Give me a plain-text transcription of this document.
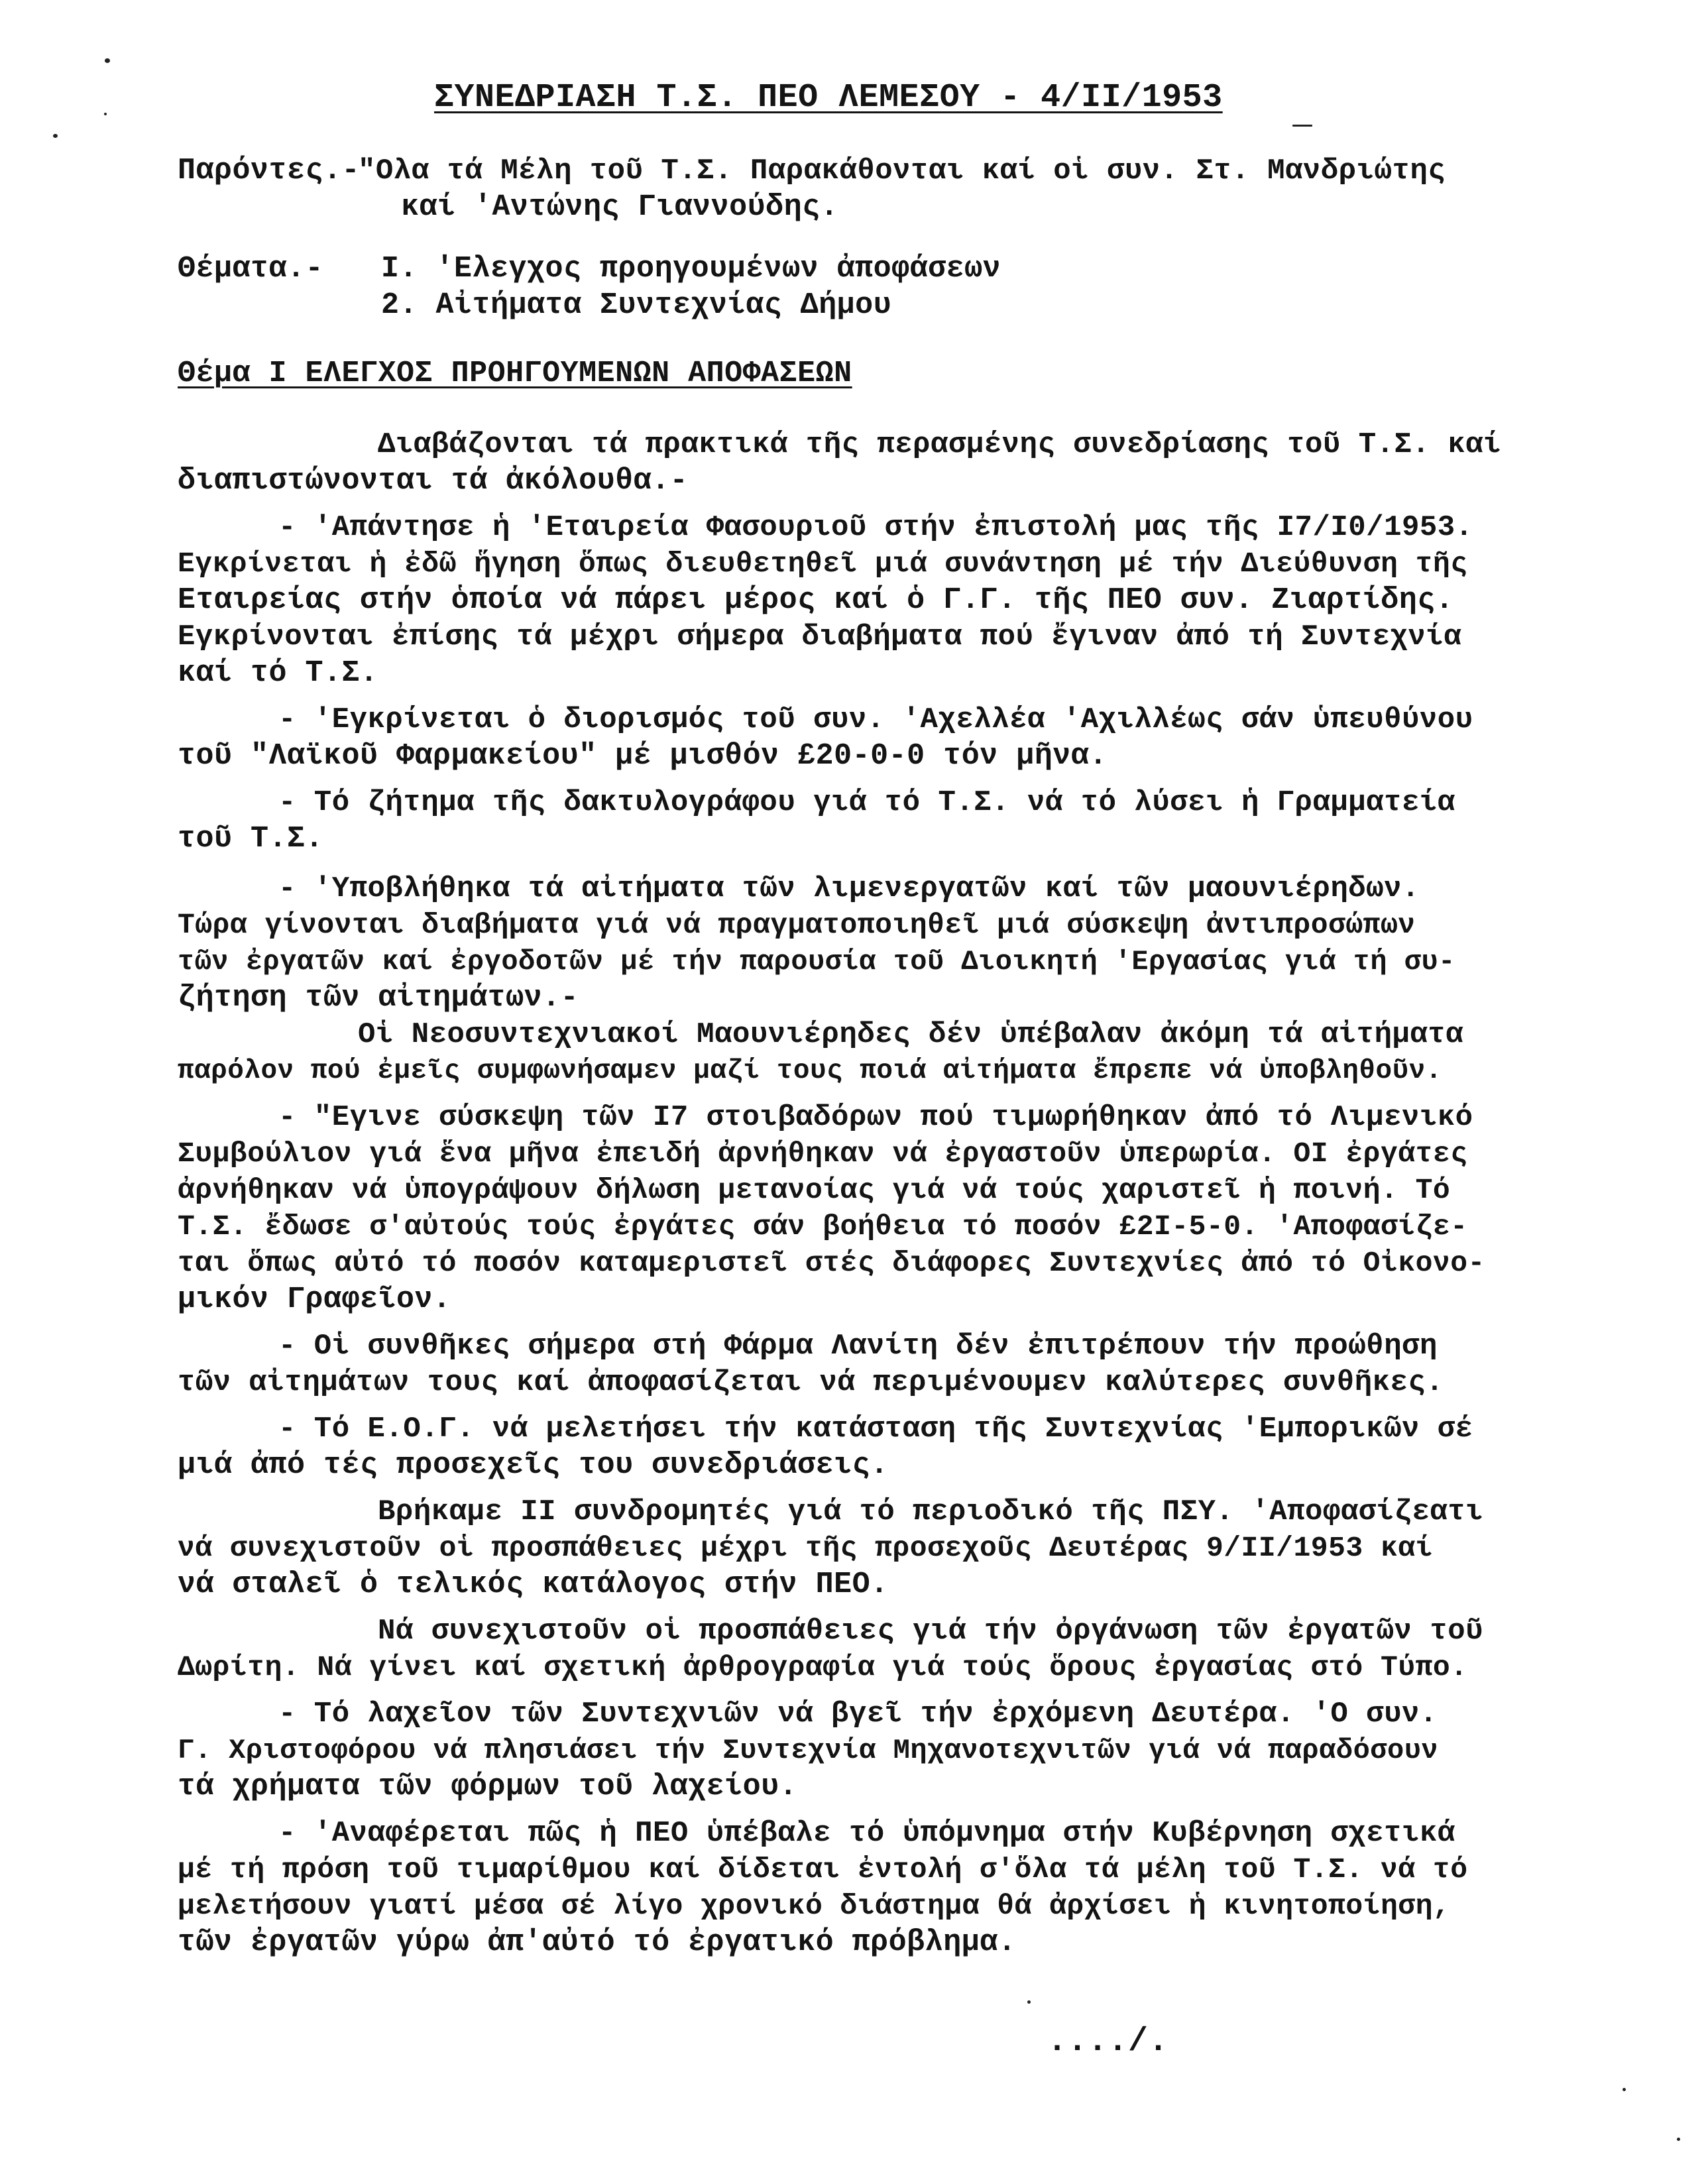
ΣΥΝΕΔΡΙΑΣΗ Τ.Σ. ΠΕΟ ΛΕΜΕΣΟΥ - 4/II/1953
Παρόντες.-
"Ολα τά Μέλη τοῦ Τ.Σ. Παρακάθονται καί οἱ συν. Στ. Μανδριώτης
καί 'Αντώνης Γιαννούδης.
Θέματα.- I. 'Ελεγχος προηγουμένων ἀποφάσεων
2. Αἰτήματα Συντεχνίας Δήμου
Θέμα I ΕΛΕΓΧΟΣ ΠΡΟΗΓΟΥΜΕΝΩΝ ΑΠΟΦΑΣΕΩΝ
Διαβάζονται τά πρακτικά τῆς περασμένης συνεδρίασης τοῦ Τ.Σ. καί
διαπιστώνονται τά ἀκόλουθα.-
- 'Απάντησε ἡ 'Εταιρεία Φασουριοῦ στήν ἐπιστολή μας τῆς I7/I0/1953.
Εγκρίνεται ἡ ἐδῶ ἥγηση ὅπως διευθετηθεῖ μιά συνάντηση μέ τήν Διεύθυνση τῆς
Εταιρείας στήν ὁποία νά πάρει μέρος καί ὁ Γ.Γ. τῆς ΠΕΟ συν. Ζιαρτίδης.
Εγκρίνονται ἐπίσης τά μέχρι σήμερα διαβήματα πού ἔγιναν ἀπό τή Συντεχνία
καί τό Τ.Σ.
- 'Εγκρίνεται ὁ διορισμός τοῦ συν. 'Αχελλέα 'Αχιλλέως σάν ὑπευθύνου
τοῦ "Λαϊκοῦ Φαρμακείου" μέ μισθόν £20-0-0 τόν μῆνα.
- Τό ζήτημα τῆς δακτυλογράφου γιά τό Τ.Σ. νά τό λύσει ἡ Γραμματεία
τοῦ Τ.Σ.
- 'Υποβλήθηκα τά αἰτήματα τῶν λιμενεργατῶν καί τῶν μαουνιέρηδων.
Τώρα γίνονται διαβήματα γιά νά πραγματοποιηθεῖ μιά σύσκεψη ἀντιπροσώπων
τῶν ἐργατῶν καί ἐργοδοτῶν μέ τήν παρουσία τοῦ Διοικητή 'Εργασίας γιά τή συ-
ζήτηση τῶν αἰτημάτων.-
Οἱ Νεοσυντεχνιακοί Μαουνιέρηδες δέν ὑπέβαλαν ἀκόμη τά αἰτήματα
παρόλον πού ἐμεῖς συμφωνήσαμεν μαζί τους ποιά αἰτήματα ἔπρεπε νά ὑποβληθοῦν.
- "Εγινε σύσκεψη τῶν I7 στοιβαδόρων πού τιμωρήθηκαν ἀπό τό Λιμενικό
Συμβούλιον γιά ἕνα μῆνα ἐπειδή ἀρνήθηκαν νά ἐργαστοῦν ὑπερωρία. ΟΙ ἐργάτες
ἀρνήθηκαν νά ὑπογράψουν δήλωση μετανοίας γιά νά τούς χαριστεῖ ἡ ποινή. Τό
Τ.Σ. ἔδωσε σ'αὐτούς τούς ἐργάτες σάν βοήθεια τό ποσόν £2I-5-0. 'Αποφασίζε-
ται ὅπως αὐτό τό ποσόν καταμεριστεῖ στές διάφορες Συντεχνίες ἀπό τό Οἰκονο-
μικόν Γραφεῖον.
- Οἱ συνθῆκες σήμερα στή Φάρμα Λανίτη δέν ἐπιτρέπουν τήν προώθηση
τῶν αἰτημάτων τους καί ἀποφασίζεται νά περιμένουμεν καλύτερες συνθῆκες.
- Τό Ε.Ο.Γ. νά μελετήσει τήν κατάσταση τῆς Συντεχνίας 'Εμπορικῶν σέ
μιά ἀπό τές προσεχεῖς του συνεδριάσεις.
Βρήκαμε II συνδρομητές γιά τό περιοδικό τῆς ΠΣΥ. 'Αποφασίζεατι
νά συνεχιστοῦν οἱ προσπάθειες μέχρι τῆς προσεχοῦς Δευτέρας 9/II/1953 καί
νά σταλεῖ ὁ τελικός κατάλογος στήν ΠΕΟ.
Νά συνεχιστοῦν οἱ προσπάθειες γιά τήν ὀργάνωση τῶν ἐργατῶν τοῦ
Δωρίτη. Νά γίνει καί σχετική ἀρθρογραφία γιά τούς ὅρους ἐργασίας στό Τύπο.
- Τό λαχεῖον τῶν Συντεχνιῶν νά βγεῖ τήν ἐρχόμενη Δευτέρα. 'Ο συν.
Γ. Χριστοφόρου νά πλησιάσει τήν Συντεχνία Μηχανοτεχνιτῶν γιά νά παραδόσουν
τά χρήματα τῶν φόρμων τοῦ λαχείου.
- 'Αναφέρεται πῶς ἡ ΠΕΟ ὑπέβαλε τό ὑπόμνημα στήν Κυβέρνηση σχετικά
μέ τή πρόση τοῦ τιμαρίθμου καί δίδεται ἐντολή σ'ὅλα τά μέλη τοῦ Τ.Σ. νά τό
μελετήσουν γιατί μέσα σέ λίγο χρονικό διάστημα θά ἀρχίσει ἡ κινητοποίηση,
τῶν ἐργατῶν γύρω ἀπ'αὐτό τό ἐργατικό πρόβλημα.
..../.
